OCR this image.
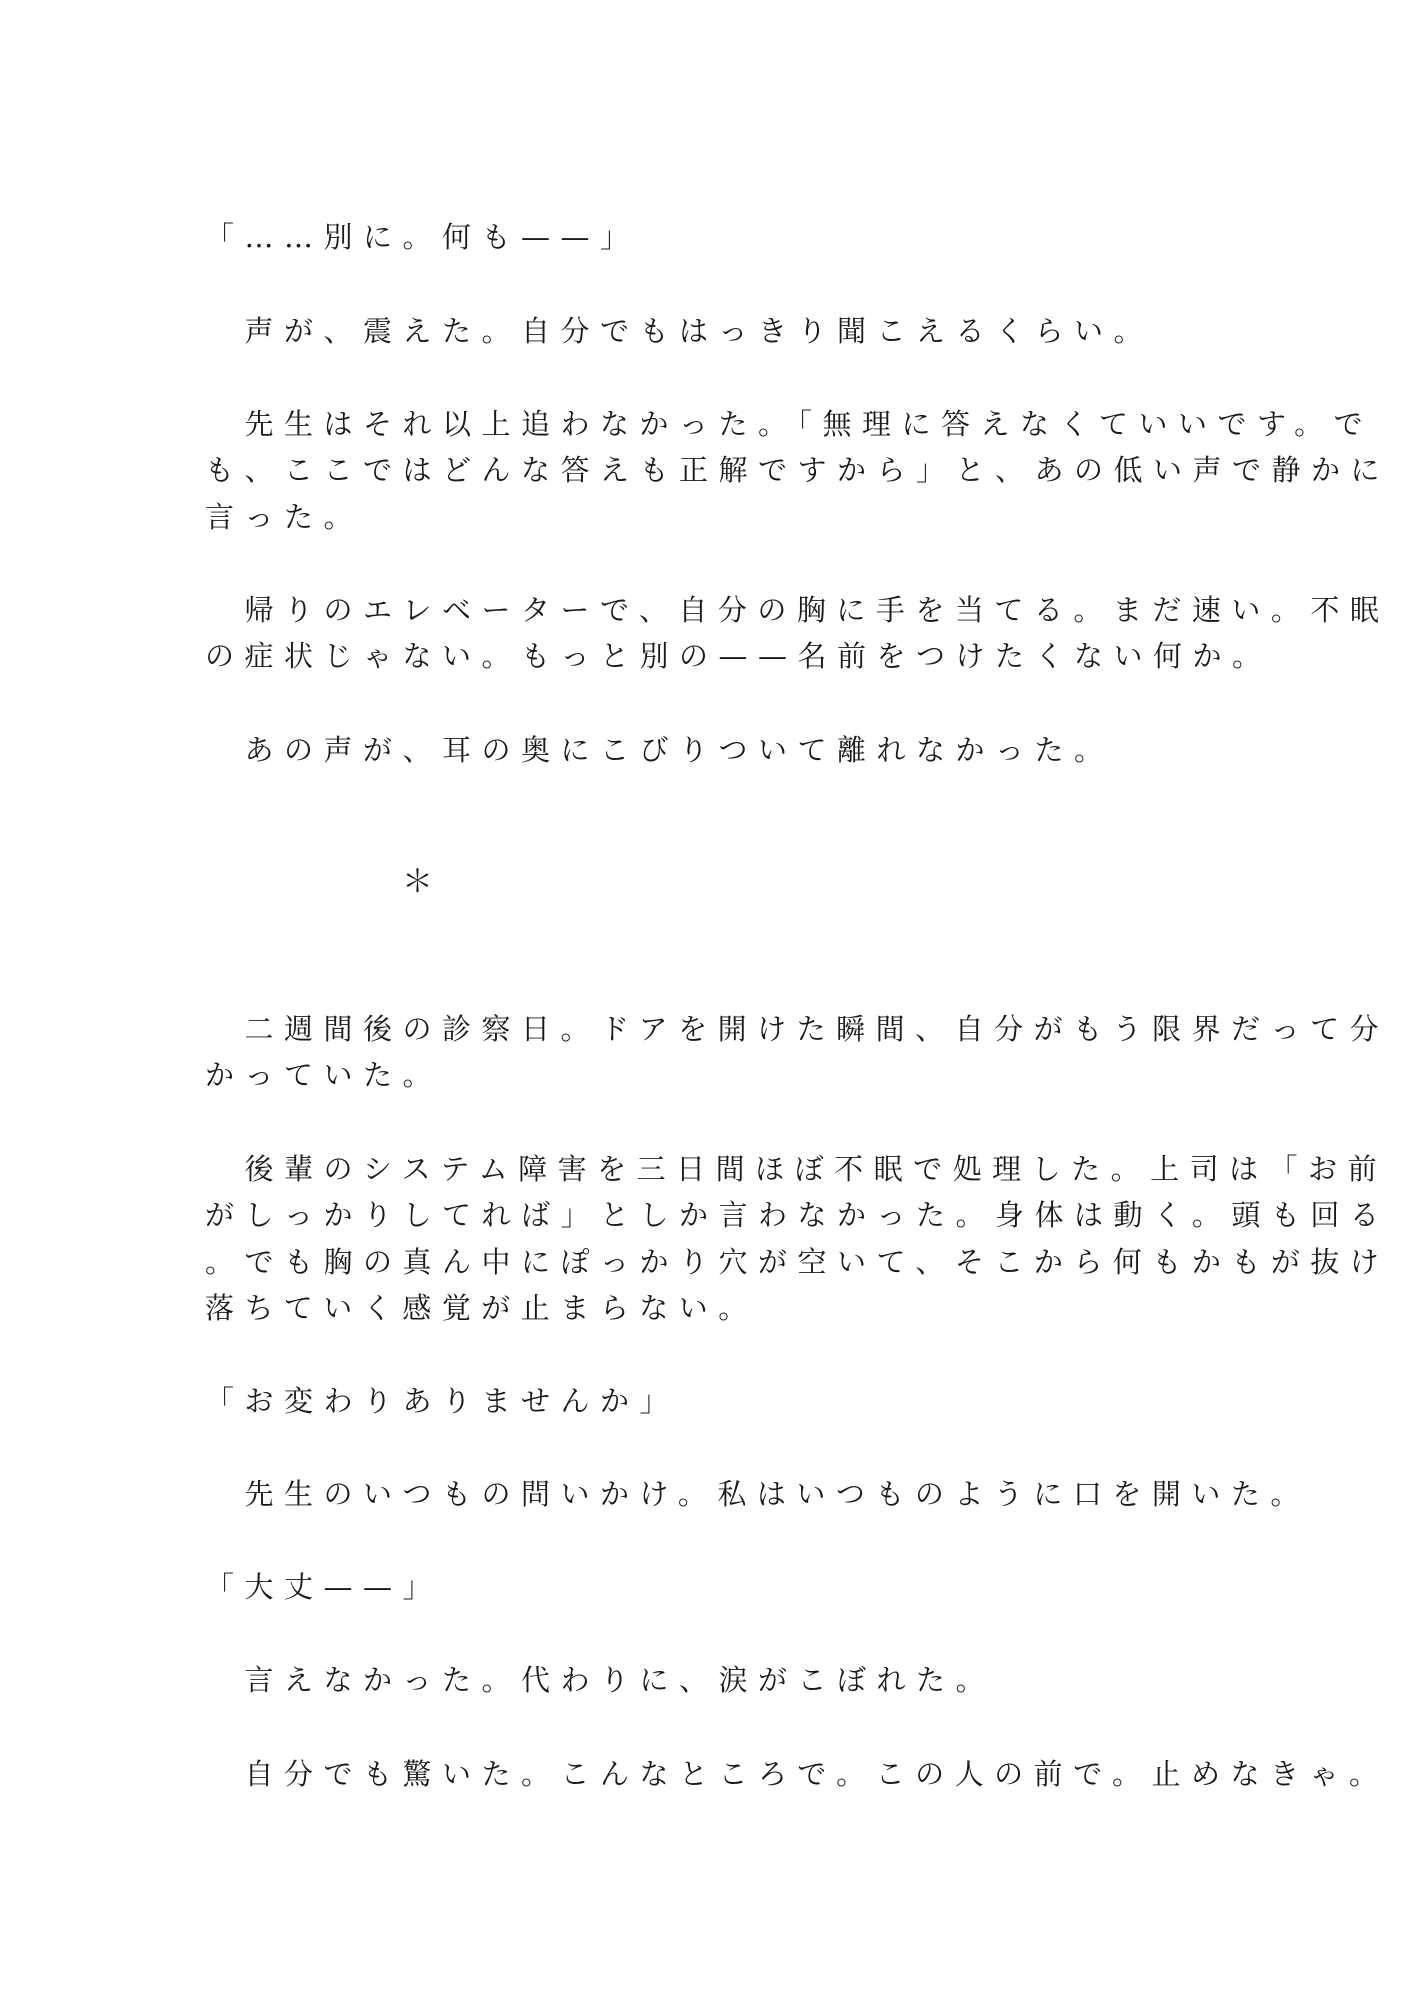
「……別に。何も——」
　声が、震えた。自分でもはっきり聞こえるくらい。
　先生はそれ以上追わなかった。「無理に答えなくていいです。で
も、ここではどんな答えも正解ですから」と、あの低い声で静かに
言った。
　帰りのエレベーターで、自分の胸に手を当てる。まだ速い。不眠
の症状じゃない。もっと別の——名前をつけたくない何か。
　あの声が、耳の奥にこびりついて離れなかった。
＊
　二週間後の診察日。ドアを開けた瞬間、自分がもう限界だって分
かっていた。
　後輩のシステム障害を三日間ほぼ不眠で処理した。上司は「お前
がしっかりしてれば」としか言わなかった。身体は動く。頭も回る
。でも胸の真ん中にぽっかり穴が空いて、そこから何もかもが抜け
落ちていく感覚が止まらない。
「お変わりありませんか」
　先生のいつもの問いかけ。私はいつものように口を開いた。
「大丈——」
　言えなかった。代わりに、涙がこぼれた。
　自分でも驚いた。こんなところで。この人の前で。止めなきゃ。
